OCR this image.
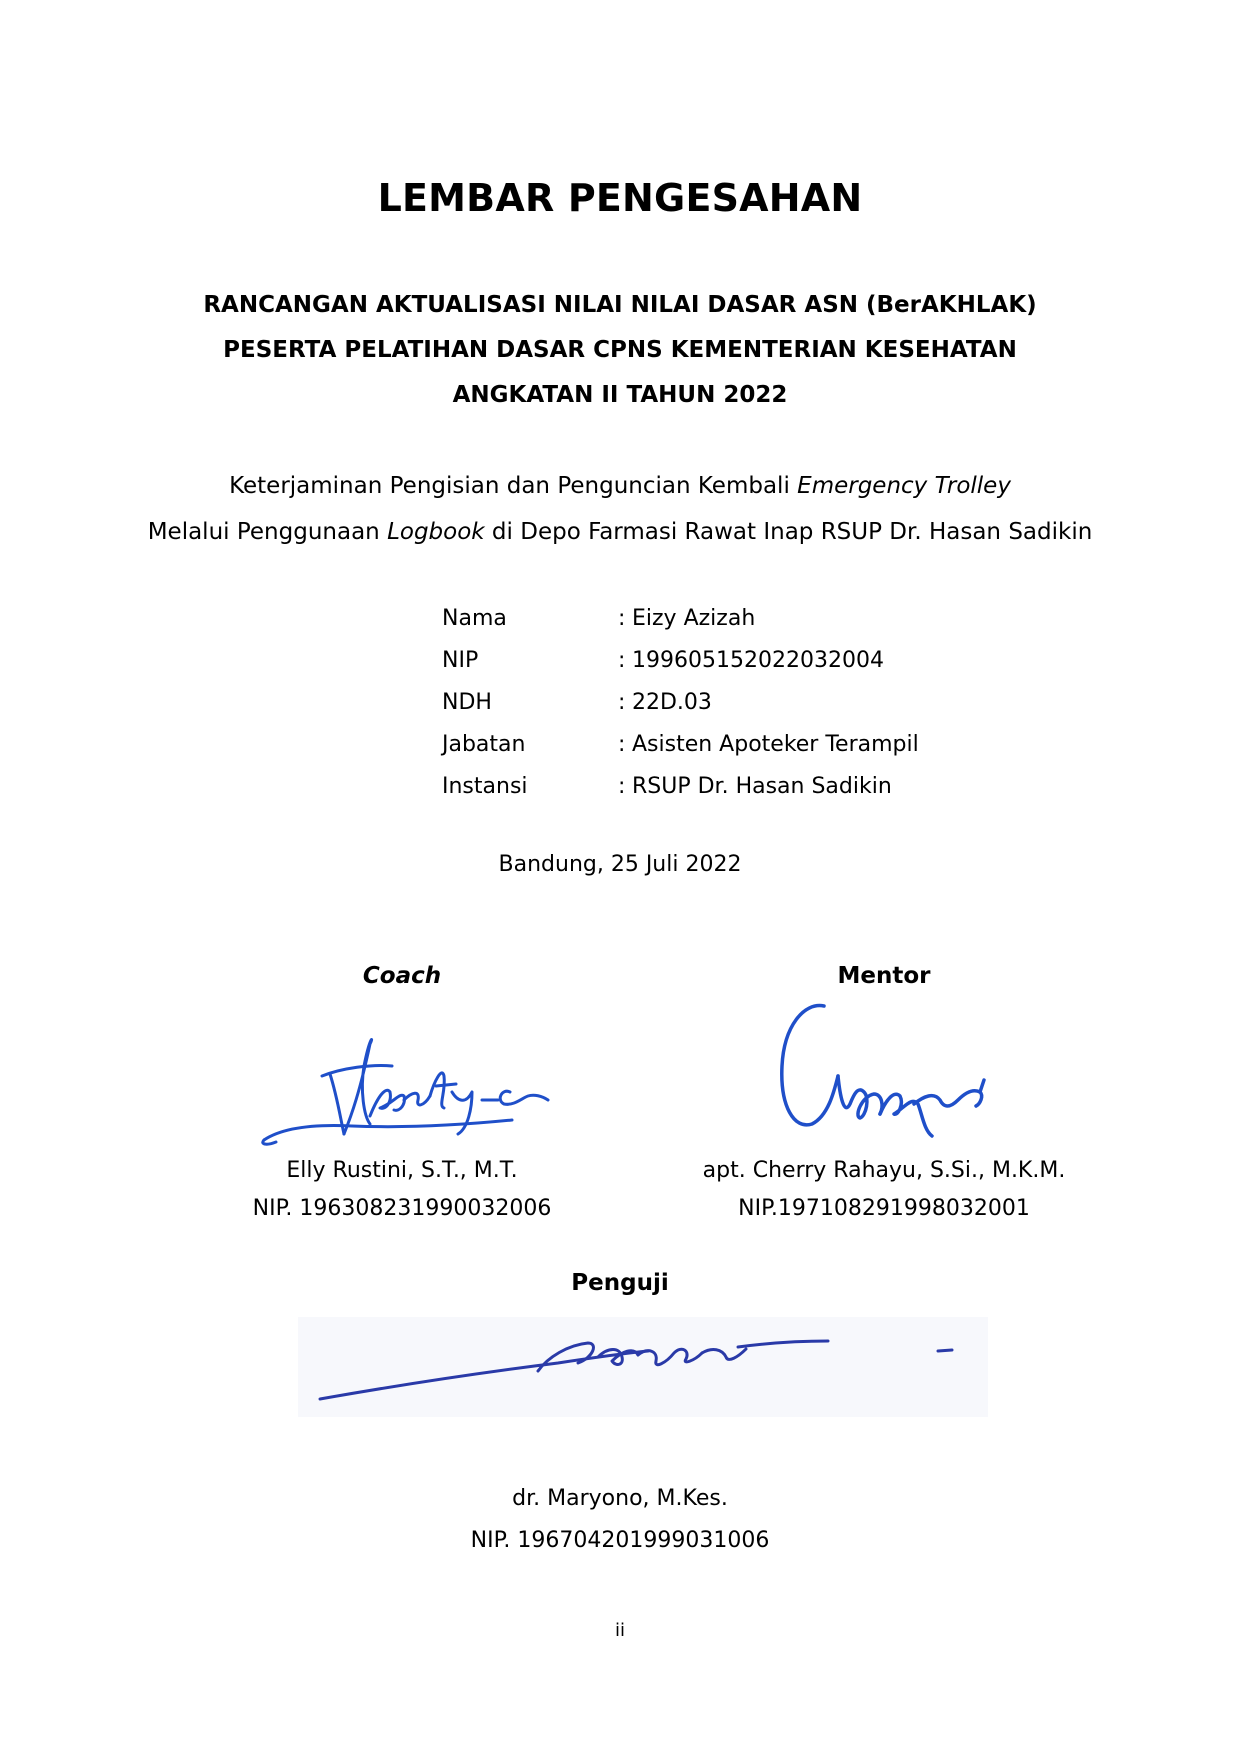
LEMBAR PENGESAHAN
RANCANGAN AKTUALISASI NILAI NILAI DASAR ASN (BerAKHLAK)
PESERTA PELATIHAN DASAR CPNS KEMENTERIAN KESEHATAN
ANGKATAN II TAHUN 2022
Keterjaminan Pengisian dan Penguncian Kembali Emergency Trolley
Melalui Penggunaan Logbook di Depo Farmasi Rawat Inap RSUP Dr. Hasan Sadikin
Nama	: Eizy Azizah
NIP	: 199605152022032004
NDH	: 22D.03
Jabatan	: Asisten Apoteker Terampil
Instansi	: RSUP Dr. Hasan Sadikin
Bandung, 25 Juli 2022
Coach
Elly Rustini, S.T., M.T.
NIP. 196308231990032006
Mentor
apt. Cherry Rahayu, S.Si., M.K.M.
NIP.197108291998032001
Penguji
dr. Maryono, M.Kes.
NIP. 196704201999031006
ii
